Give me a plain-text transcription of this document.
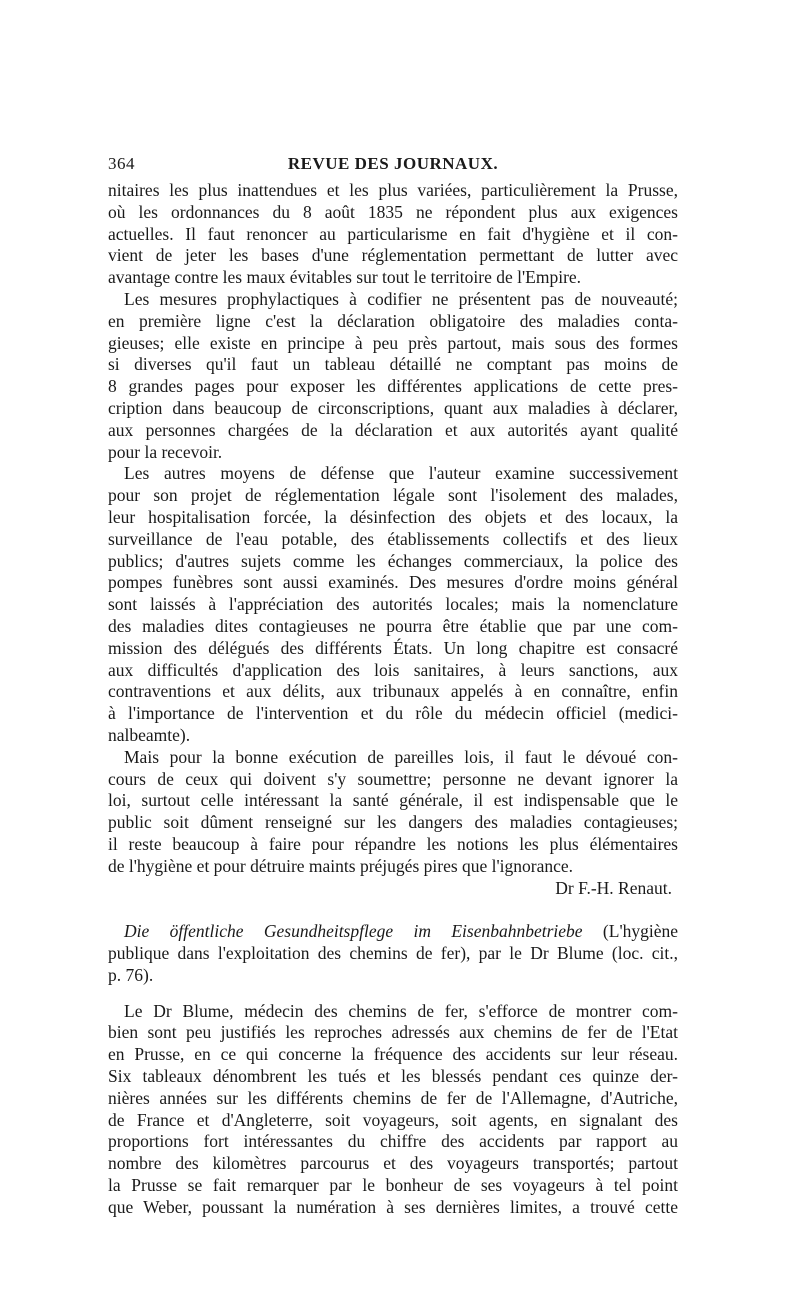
364	REVUE DES JOURNAUX.
nitaires les plus inattendues et les plus variées, particulièrement la Prusse,
où les ordonnances du 8 août 1835 ne répondent plus aux exigences
actuelles. Il faut renoncer au particularisme en fait d'hygiène et il con-
vient de jeter les bases d'une réglementation permettant de lutter avec
avantage contre les maux évitables sur tout le territoire de l'Empire.
Les mesures prophylactiques à codifier ne présentent pas de nouveauté;
en première ligne c'est la déclaration obligatoire des maladies conta-
gieuses; elle existe en principe à peu près partout, mais sous des formes
si diverses qu'il faut un tableau détaillé ne comptant pas moins de
8 grandes pages pour exposer les différentes applications de cette pres-
cription dans beaucoup de circonscriptions, quant aux maladies à déclarer,
aux personnes chargées de la déclaration et aux autorités ayant qualité
pour la recevoir.
Les autres moyens de défense que l'auteur examine successivement
pour son projet de réglementation légale sont l'isolement des malades,
leur hospitalisation forcée, la désinfection des objets et des locaux, la
surveillance de l'eau potable, des établissements collectifs et des lieux
publics; d'autres sujets comme les échanges commerciaux, la police des
pompes funèbres sont aussi examinés. Des mesures d'ordre moins général
sont laissés à l'appréciation des autorités locales; mais la nomenclature
des maladies dites contagieuses ne pourra être établie que par une com-
mission des délégués des différents États. Un long chapitre est consacré
aux difficultés d'application des lois sanitaires, à leurs sanctions, aux
contraventions et aux délits, aux tribunaux appelés à en connaître, enfin
à l'importance de l'intervention et du rôle du médecin officiel (medici-
nalbeamte).
Mais pour la bonne exécution de pareilles lois, il faut le dévoué con-
cours de ceux qui doivent s'y soumettre; personne ne devant ignorer la
loi, surtout celle intéressant la santé générale, il est indispensable que le
public soit dûment renseigné sur les dangers des maladies contagieuses;
il reste beaucoup à faire pour répandre les notions les plus élémentaires
de l'hygiène et pour détruire maints préjugés pires que l'ignorance.
Dr F.-H. Renaut.
Die öffentliche Gesundheitspflege im Eisenbahnbetriebe (L'hygiène
publique dans l'exploitation des chemins de fer), par le Dr Blume (loc. cit.,
p. 76).
Le Dr Blume, médecin des chemins de fer, s'efforce de montrer com-
bien sont peu justifiés les reproches adressés aux chemins de fer de l'Etat
en Prusse, en ce qui concerne la fréquence des accidents sur leur réseau.
Six tableaux dénombrent les tués et les blessés pendant ces quinze der-
nières années sur les différents chemins de fer de l'Allemagne, d'Autriche,
de France et d'Angleterre, soit voyageurs, soit agents, en signalant des
proportions fort intéressantes du chiffre des accidents par rapport au
nombre des kilomètres parcourus et des voyageurs transportés; partout
la Prusse se fait remarquer par le bonheur de ses voyageurs à tel point
que Weber, poussant la numération à ses dernières limites, a trouvé cette
